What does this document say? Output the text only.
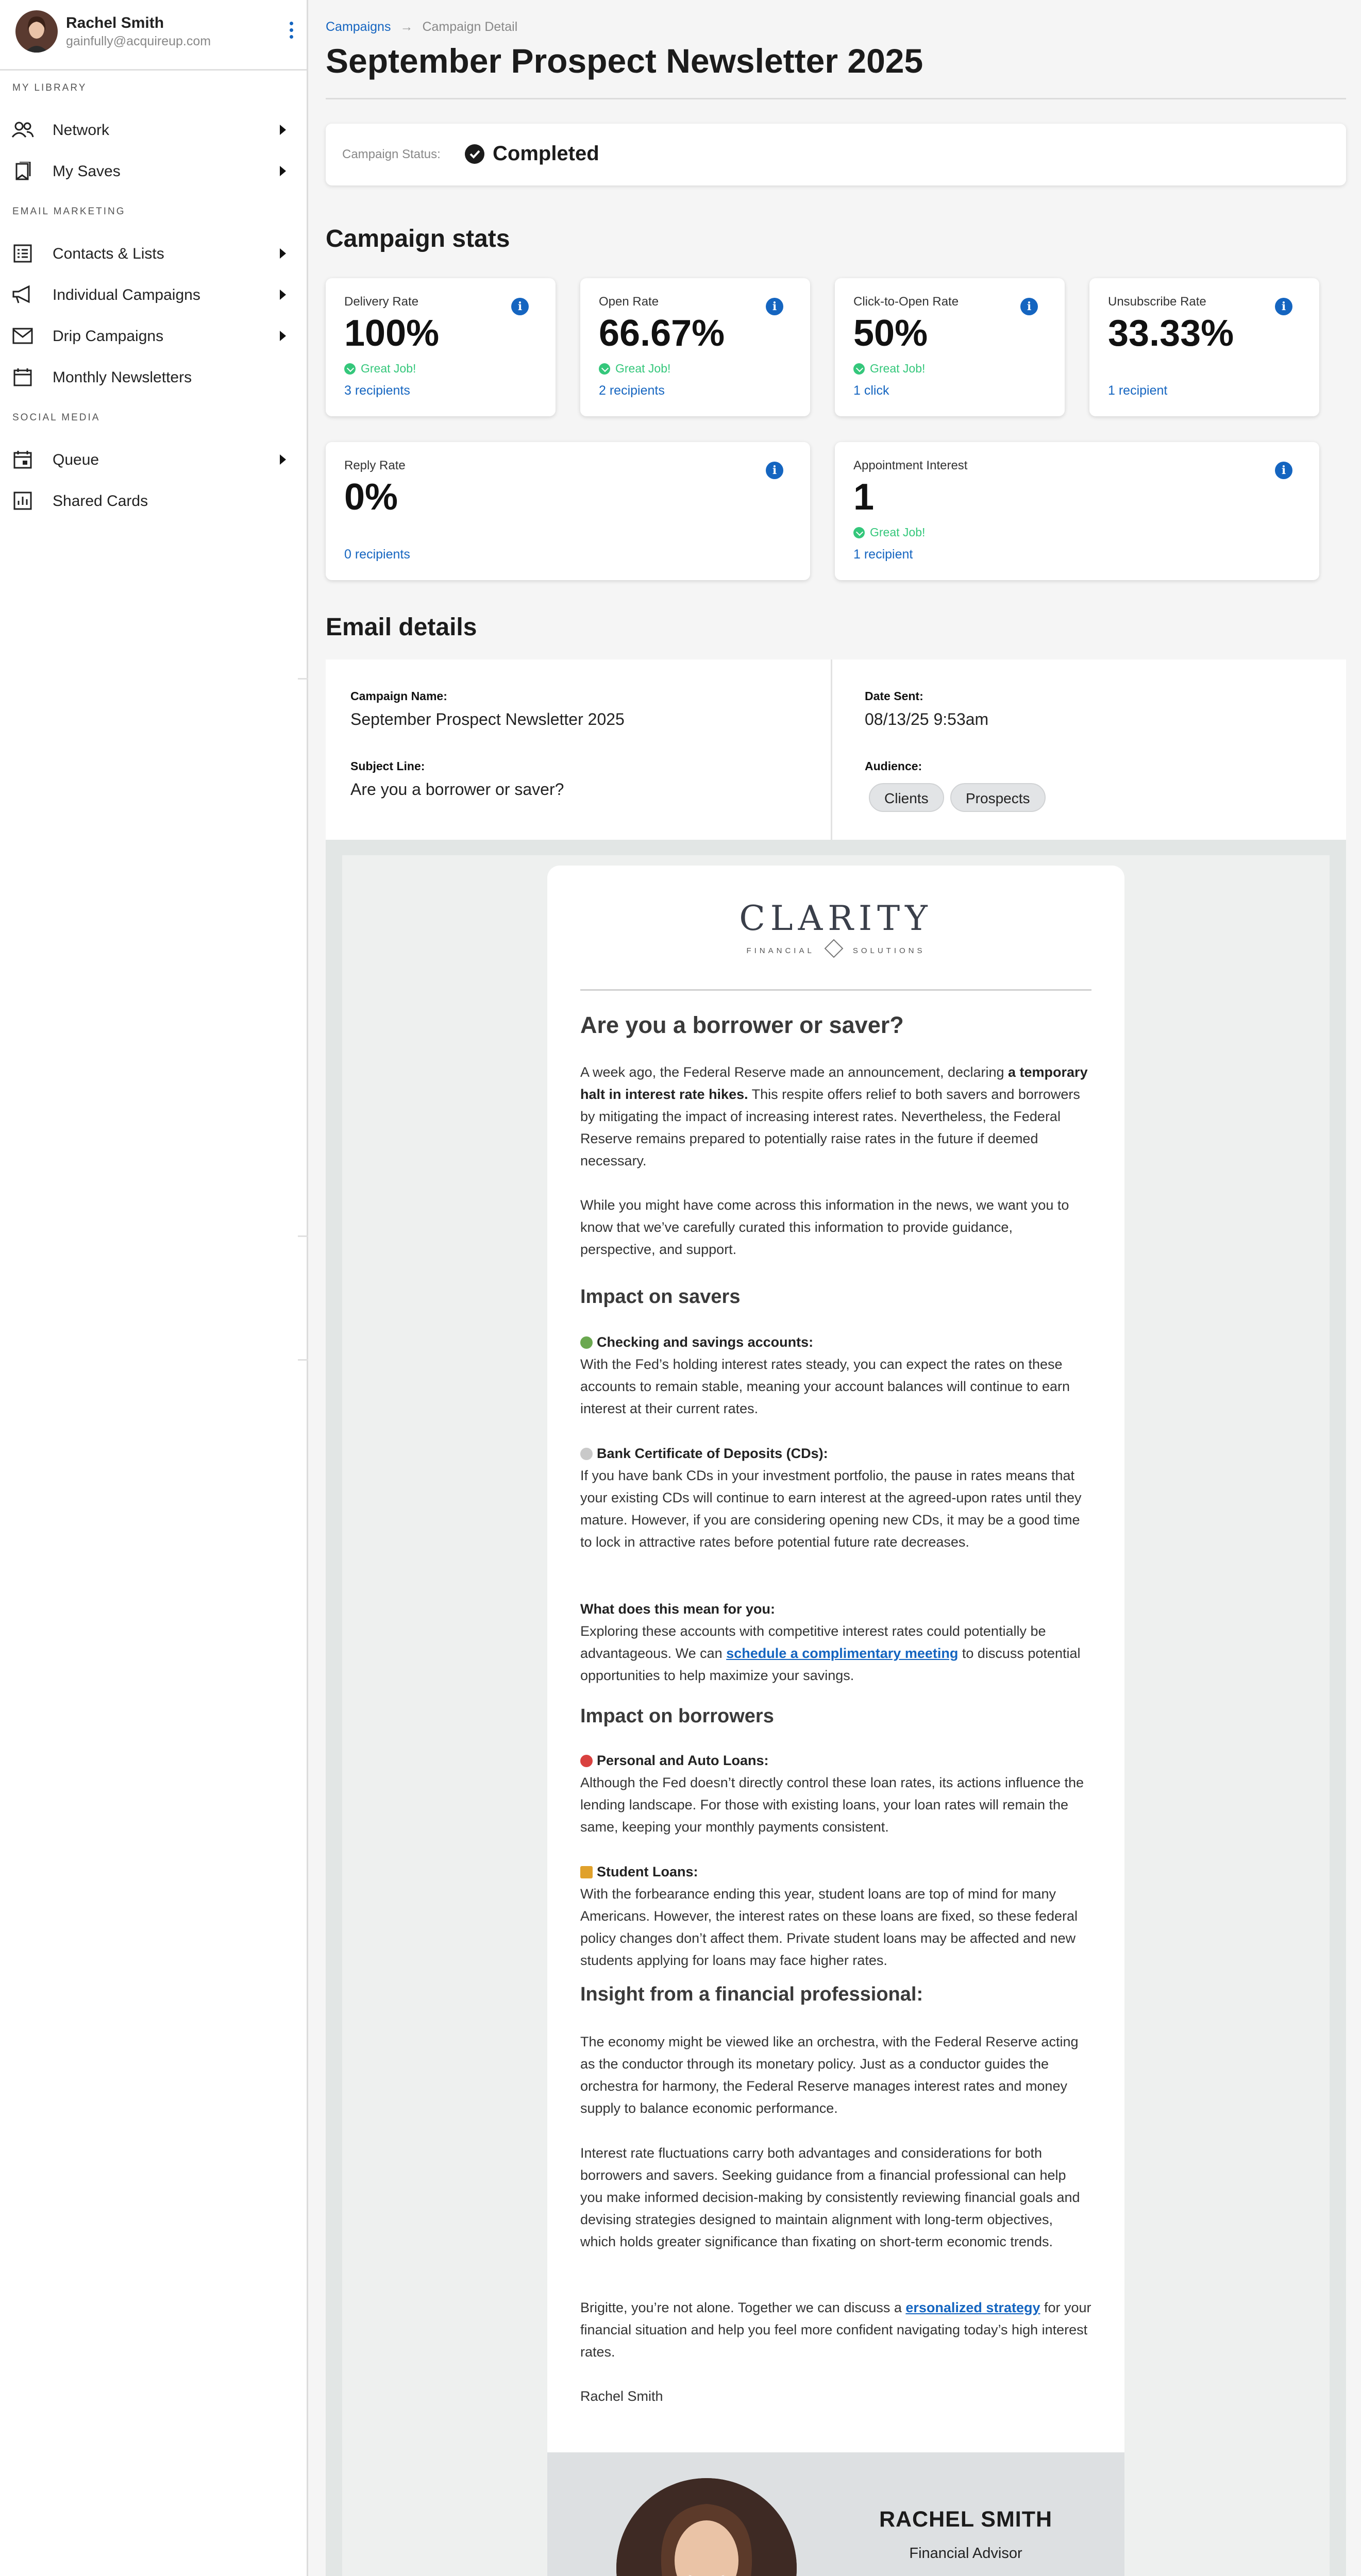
Rachel Smith
gainfully@acquireup.com
MY LIBRARY
Network
My Saves
EMAIL MARKETING
Contacts & Lists
Individual Campaigns
Drip Campaigns
Monthly Newsletters
SOCIAL MEDIA
Queue
Shared Cards
Campaigns → Campaign Detail
September Prospect Newsletter 2025
Campaign Status:	Completed
Campaign stats
Delivery Rate	i
100%
Great Job!
3 recipients
Open Rate	i
66.67%
Great Job!
2 recipients
Click-to-Open Rate	i
50%
Great Job!
1 click
Unsubscribe Rate	i
33.33%
1 recipient
Reply Rate	i
0%
0 recipients
Appointment Interest	i
1
Great Job!
1 recipient
Email details
Campaign Name:
September Prospect Newsletter 2025
Subject Line:
Are you a borrower or saver?
Date Sent:
08/13/25 9:53am
Audience:
Clients	Prospects
CLARITY
FINANCIAL	SOLUTIONS
Are you a borrower or saver?

A week ago, the Federal Reserve made an announcement, declaring a temporary halt in interest rate hikes. This respite offers relief to both savers and borrowers by mitigating the impact of increasing interest rates. Nevertheless, the Federal Reserve remains prepared to potentially raise rates in the future if deemed necessary.

While you might have come across this information in the news, we want you to know that we’ve carefully curated this information to provide guidance, perspective, and support.

Impact on savers

Checking and savings accounts:
With the Fed’s holding interest rates steady, you can expect the rates on these accounts to remain stable, meaning your account balances will continue to earn interest at their current rates.

Bank Certificate of Deposits (CDs):
If you have bank CDs in your investment portfolio, the pause in rates means that your existing CDs will continue to earn interest at the agreed-upon rates until they mature. However, if you are considering opening new CDs, it may be a good time to lock in attractive rates before potential future rate decreases.

What does this mean for you:
Exploring these accounts with competitive interest rates could potentially be advantageous. We can schedule a complimentary meeting to discuss potential opportunities to help maximize your savings.

Impact on borrowers

Personal and Auto Loans:
Although the Fed doesn’t directly control these loan rates, its actions influence the lending landscape. For those with existing loans, your loan rates will remain the same, keeping your monthly payments consistent.

Student Loans:
With the forbearance ending this year, student loans are top of mind for many Americans. However, the interest rates on these loans are fixed, so these federal policy changes don’t affect them. Private student loans may be affected and new students applying for loans may face higher rates.

Insight from a financial professional:

The economy might be viewed like an orchestra, with the Federal Reserve acting as the conductor through its monetary policy. Just as a conductor guides the orchestra for harmony, the Federal Reserve manages interest rates and money supply to balance economic performance.

Interest rate fluctuations carry both advantages and considerations for both borrowers and savers. Seeking guidance from a financial professional can help you make informed decision-making by consistently reviewing financial goals and devising strategies designed to maintain alignment with long-term objectives, which holds greater significance than fixating on short-term economic trends.

Brigitte, you’re not alone. Together we can discuss a ersonalized strategy for your financial situation and help you feel more confident navigating today’s high interest rates.

Rachel Smith

RACHEL SMITH
Financial Advisor
